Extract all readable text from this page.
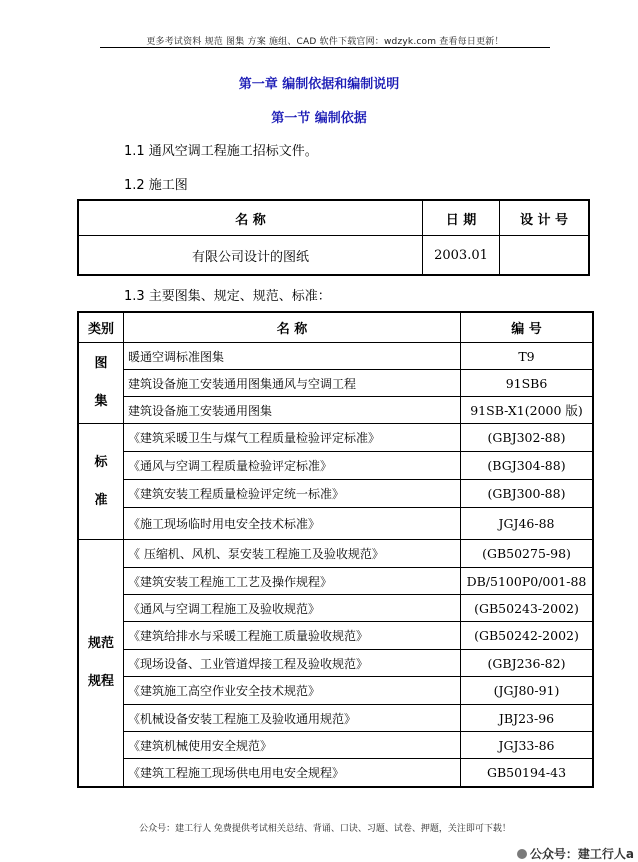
更多考试资料 规范 图集 方案 施组、CAD 软件下载官网：wdzyk.com 查看每日更新！
第一章 编制依据和编制说明
第一节 编制依据
1.1 通风空调工程施工招标文件。
1.2 施工图
名 称	日 期	设 计 号
有限公司设计的图纸	2003.01	
1.3 主要图集、规定、规范、标准：
类别	名 称	编 号

图
集	暖通空调标准图集	T9
	建筑设备施工安装通用图集通风与空调工程	91SB6
	建筑设备施工安装通用图集	91SB-X1(2000 版)

标
准	《建筑采暖卫生与煤气工程质量检验评定标准》	(GBJ302-88)
	《通风与空调工程质量检验评定标准》	(BGJ304-88)
	《建筑安装工程质量检验评定统一标准》	(GBJ300-88)
	《施工现场临时用电安全技术标准》	JGJ46-88

规范
规程	《 压缩机、风机、泵安装工程施工及验收规范》	(GB50275-98)
	《建筑安装工程施工工艺及操作规程》	DB/5100P0/001-88
	《通风与空调工程施工及验收规范》	(GB50243-2002)
	《建筑给排水与采暖工程施工质量验收规范》	(GB50242-2002)
	《现场设备、工业管道焊接工程及验收规范》	(GBJ236-82)
	《建筑施工高空作业安全技术规范》	(JGJ80-91)
	《机械设备安装工程施工及验收通用规范》	JBJ23-96
	《建筑机械使用安全规范》	JGJ33-86
	《建筑工程施工现场供电用电安全规程》	GB50194-43
公众号：建工行人 免费提供考试相关总结、背诵、口诀、习题、试卷、押题，关注即可下载！
公众号：建工行人a
